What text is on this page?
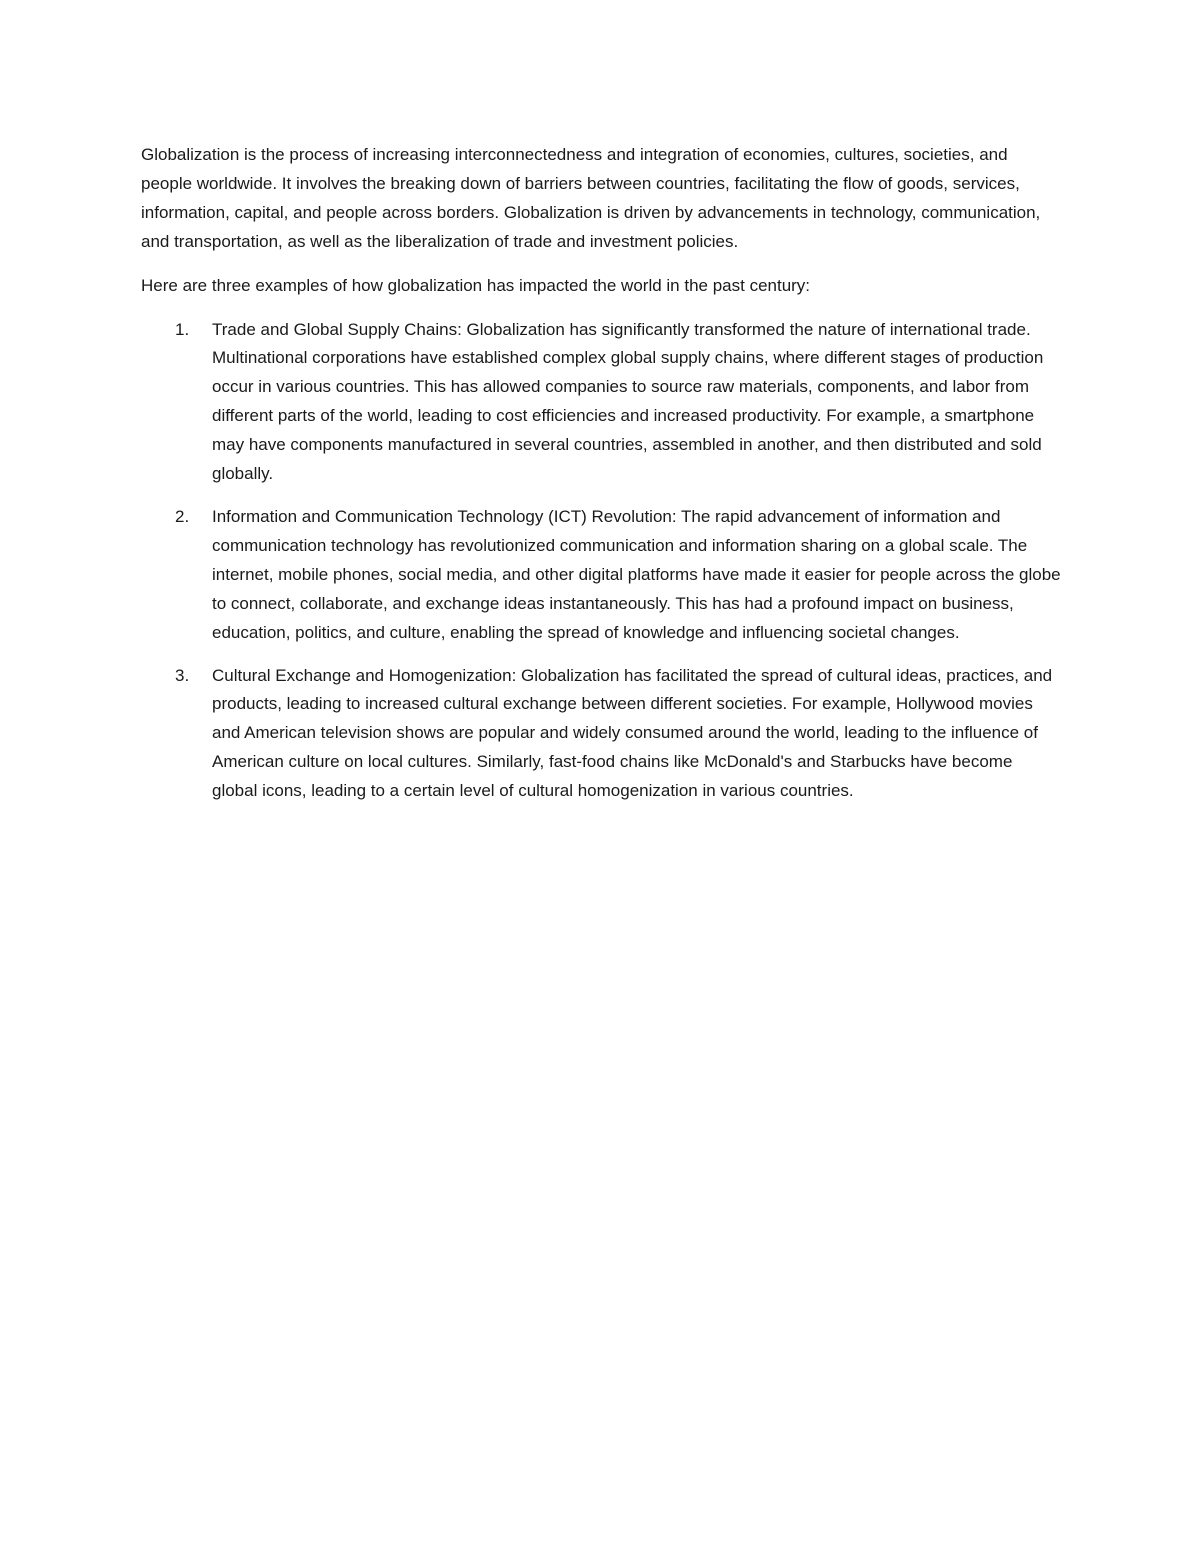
Globalization is the process of increasing interconnectedness and integration of economies, cultures, societies, and people worldwide. It involves the breaking down of barriers between countries, facilitating the flow of goods, services, information, capital, and people across borders. Globalization is driven by advancements in technology, communication, and transportation, as well as the liberalization of trade and investment policies.

Here are three examples of how globalization has impacted the world in the past century:

1. Trade and Global Supply Chains: Globalization has significantly transformed the nature of international trade. Multinational corporations have established complex global supply chains, where different stages of production occur in various countries. This has allowed companies to source raw materials, components, and labor from different parts of the world, leading to cost efficiencies and increased productivity. For example, a smartphone may have components manufactured in several countries, assembled in another, and then distributed and sold globally.
2. Information and Communication Technology (ICT) Revolution: The rapid advancement of information and communication technology has revolutionized communication and information sharing on a global scale. The internet, mobile phones, social media, and other digital platforms have made it easier for people across the globe to connect, collaborate, and exchange ideas instantaneously. This has had a profound impact on business, education, politics, and culture, enabling the spread of knowledge and influencing societal changes.
3. Cultural Exchange and Homogenization: Globalization has facilitated the spread of cultural ideas, practices, and products, leading to increased cultural exchange between different societies. For example, Hollywood movies and American television shows are popular and widely consumed around the world, leading to the influence of American culture on local cultures. Similarly, fast-food chains like McDonald's and Starbucks have become global icons, leading to a certain level of cultural homogenization in various countries.
